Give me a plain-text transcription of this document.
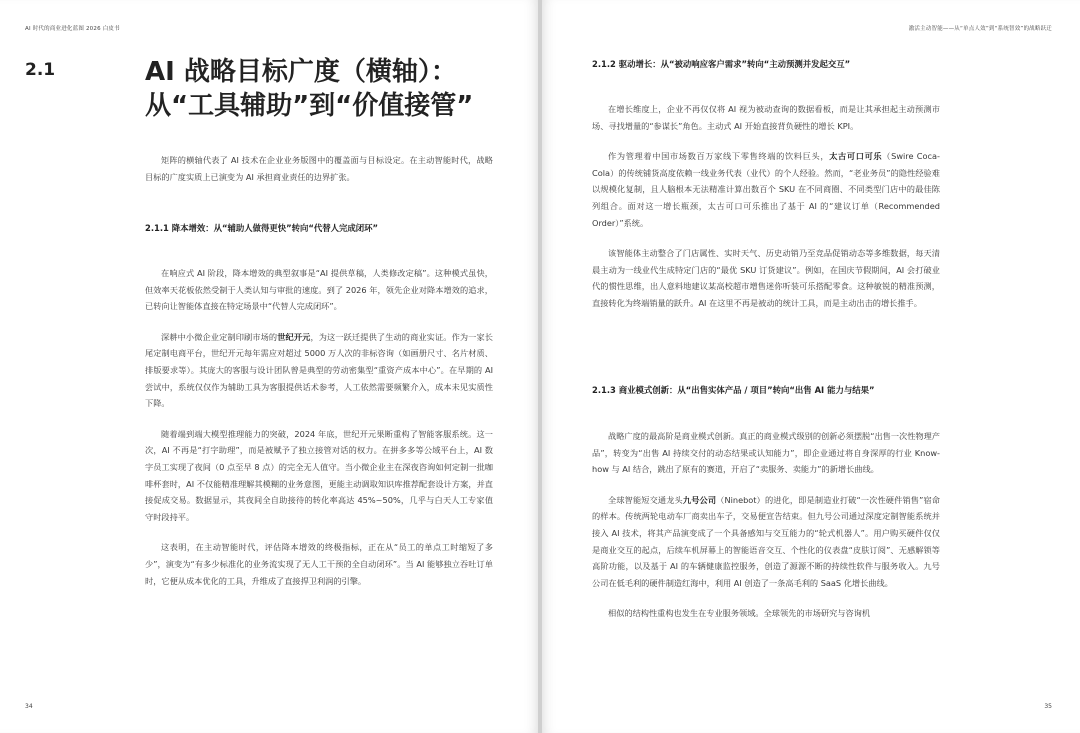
AI 时代的商业进化蓝图 2026 白皮书
2.1	AI 战略目标广度（横轴）：
从“工具辅助”到“价值接管”

矩阵的横轴代表了 AI 技术在企业业务版图中的覆盖面与目标设定。在主动智能时代，战略目标的广度实质上已演变为 AI 承担商业责任的边界扩张。

2.1.1 降本增效：从“辅助人做得更快”转向“代替人完成闭环”

在响应式 AI 阶段，降本增效的典型叙事是“AI 提供草稿，人类修改定稿”。这种模式虽快，但效率天花板依然受制于人类认知与审批的速度。到了 2026 年，领先企业对降本增效的追求，已转向让智能体直接在特定场景中“代替人完成闭环”。

深耕中小微企业定制印刷市场的世纪开元，为这一跃迁提供了生动的商业实证。作为一家长尾定制电商平台，世纪开元每年需应对超过 5000 万人次的非标咨询（如画册尺寸、名片材质、排版要求等）。其庞大的客服与设计团队曾是典型的劳动密集型“重资产成本中心”。在早期的 AI 尝试中，系统仅仅作为辅助工具为客服提供话术参考，人工依然需要频繁介入，成本未见实质性下降。

随着端到端大模型推理能力的突破，2024 年底，世纪开元果断重构了智能客服系统。这一次，AI 不再是“打字助理”，而是被赋予了独立接管对话的权力。在拼多多等公域平台上，AI 数字员工实现了夜间（0 点至早 8 点）的完全无人值守。当小微企业主在深夜咨询如何定制一批咖啡杯套时，AI 不仅能精准理解其模糊的业务意图，更能主动调取知识库推荐配套设计方案，并直接促成交易。数据显示，其夜间全自助接待的转化率高达 45%~50%，几乎与白天人工专家值守时段持平。

这表明，在主动智能时代，评估降本增效的终极指标，正在从“员工的单点工时缩短了多少”，演变为“有多少标准化的业务流实现了无人工干预的全自动闭环”。当 AI 能够独立吞吐订单时，它便从成本优化的工具，升维成了直接捍卫利润的引擎。

34
激活主动智能——从“单点人效”到“系统智效”的战略跃迁

2.1.2 驱动增长：从“被动响应客户需求”转向“主动预测并发起交互”

在增长维度上，企业不再仅仅将 AI 视为被动查询的数据看板，而是让其承担起主动预测市场、寻找增量的“参谋长”角色。主动式 AI 开始直接背负硬性的增长 KPI。

作为管理着中国市场数百万家线下零售终端的饮料巨头，太古可口可乐（Swire Coca-Cola）的传统铺货高度依赖一线业务代表（业代）的个人经验。然而，“老业务员”的隐性经验难以规模化复制，且人脑根本无法精准计算出数百个 SKU 在不同商圈、不同类型门店中的最佳陈列组合。面对这一增长瓶颈，太古可口可乐推出了基于 AI 的“建议订单（Recommended Order）”系统。

该智能体主动整合了门店属性、实时天气、历史动销乃至竞品促销动态等多维数据，每天清晨主动为一线业代生成特定门店的“最优 SKU 订货建议”。例如，在国庆节假期间，AI 会打破业代的惯性思维，出人意料地建议某高校超市增售迷你听装可乐搭配零食。这种敏锐的精准预测，直接转化为终端销量的跃升。AI 在这里不再是被动的统计工具，而是主动出击的增长推手。

2.1.3 商业模式创新：从“出售实体产品 / 项目”转向“出售 AI 能力与结果”

战略广度的最高阶是商业模式创新。真正的商业模式级别的创新必须摆脱“出售一次性物理产品”，转变为“出售 AI 持续交付的动态结果或认知能力”，即企业通过将自身深厚的行业 Know-how 与 AI 结合，跳出了原有的赛道，开启了“卖服务、卖能力”的新增长曲线。

全球智能短交通龙头九号公司（Ninebot）的进化，即是制造业打破“一次性硬件销售”宿命的样本。传统两轮电动车厂商卖出车子，交易便宣告结束。但九号公司通过深度定制智能系统并接入 AI 技术，将其产品演变成了一个具备感知与交互能力的“轮式机器人”。用户购买硬件仅仅是商业交互的起点，后续车机屏幕上的智能语音交互、个性化的仪表盘“皮肤订阅”、无感解锁等高阶功能，以及基于 AI 的车辆健康监控服务，创造了源源不断的持续性软件与服务收入。九号公司在低毛利的硬件制造红海中，利用 AI 创造了一条高毛利的 SaaS 化增长曲线。

相似的结构性重构也发生在专业服务领域。全球领先的市场研究与咨询机

35
